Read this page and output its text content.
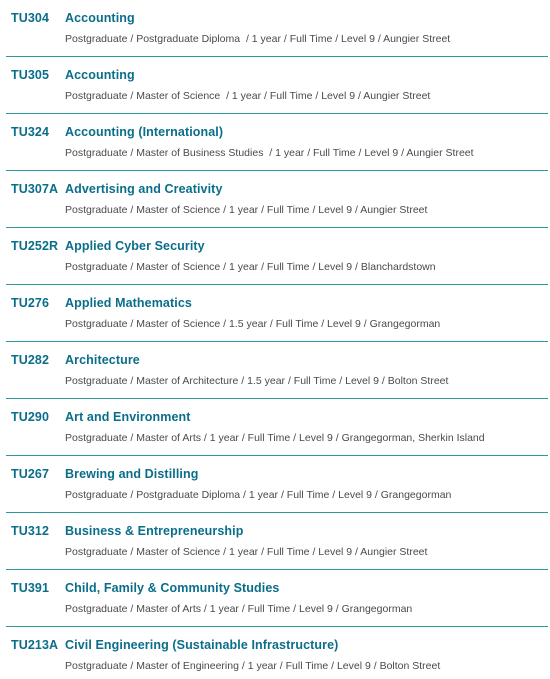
TU304 Accounting
Postgraduate / Postgraduate Diploma  / 1 year / Full Time / Level 9 / Aungier Street
TU305 Accounting
Postgraduate / Master of Science  / 1 year / Full Time / Level 9 / Aungier Street
TU324 Accounting (International)
Postgraduate / Master of Business Studies  / 1 year / Full Time / Level 9 / Aungier Street
TU307A Advertising and Creativity
Postgraduate / Master of Science / 1 year / Full Time / Level 9 / Aungier Street
TU252R Applied Cyber Security
Postgraduate / Master of Science / 1 year / Full Time / Level 9 / Blanchardstown
TU276 Applied Mathematics
Postgraduate / Master of Science / 1.5 year / Full Time / Level 9 / Grangegorman
TU282 Architecture
Postgraduate / Master of Architecture / 1.5 year / Full Time / Level 9 / Bolton Street
TU290 Art and Environment
Postgraduate / Master of Arts / 1 year / Full Time / Level 9 / Grangegorman, Sherkin Island
TU267 Brewing and Distilling
Postgraduate / Postgraduate Diploma / 1 year / Full Time / Level 9 / Grangegorman
TU312 Business & Entrepreneurship
Postgraduate / Master of Science / 1 year / Full Time / Level 9 / Aungier Street
TU391 Child, Family & Community Studies
Postgraduate / Master of Arts / 1 year / Full Time / Level 9 / Grangegorman
TU213A Civil Engineering (Sustainable Infrastructure)
Postgraduate / Master of Engineering / 1 year / Full Time / Level 9 / Bolton Street
